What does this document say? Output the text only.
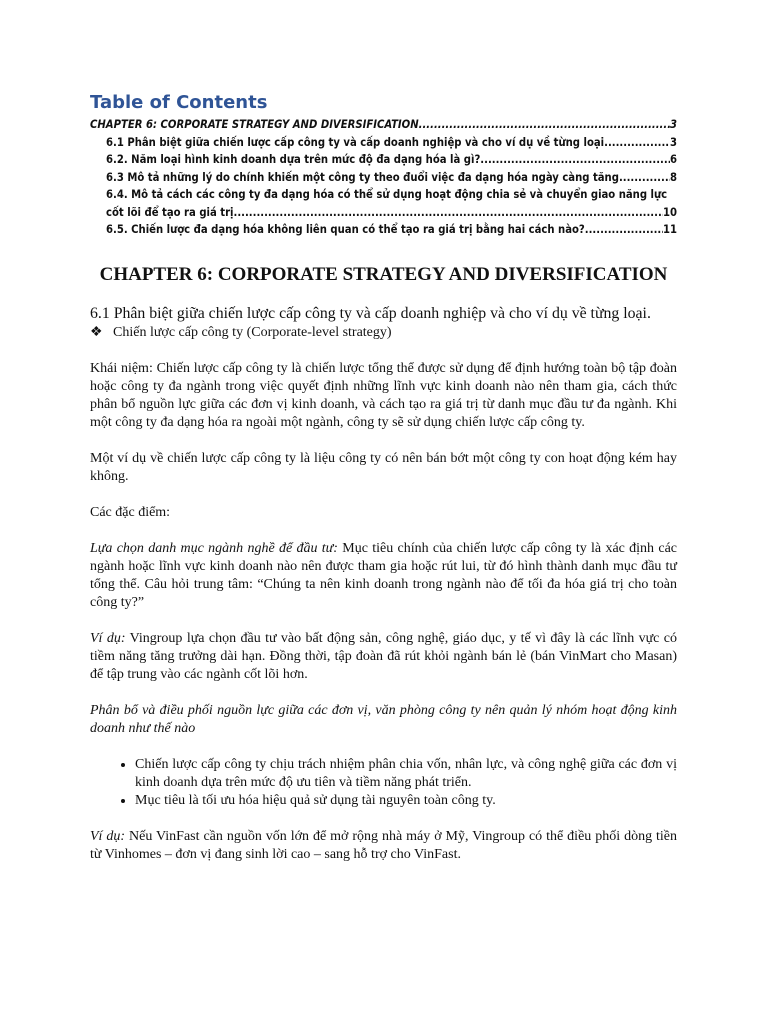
Table of Contents
CHAPTER 6: CORPORATE STRATEGY AND DIVERSIFICATION .....	3
6.1 Phân biệt giữa chiến lược cấp công ty và cấp doanh nghiệp và cho ví dụ về từng loại .....	3
6.2. Năm loại hình kinh doanh dựa trên mức độ đa dạng hóa là gì? .....	6
6.3 Mô tả những lý do chính khiến một công ty theo đuổi việc đa dạng hóa ngày càng tăng .....	8
6.4. Mô tả cách các công ty đa dạng hóa có thể sử dụng hoạt động chia sẻ và chuyển giao năng lực
cốt lõi để tạo ra giá trị .....	10
6.5. Chiến lược đa dạng hóa không liên quan có thể tạo ra giá trị bằng hai cách nào? .....	11
CHAPTER 6: CORPORATE STRATEGY AND DIVERSIFICATION
6.1 Phân biệt giữa chiến lược cấp công ty và cấp doanh nghiệp và cho ví dụ về từng loại.
❖ Chiến lược cấp công ty (Corporate-level strategy)

Khái niệm: Chiến lược cấp công ty là chiến lược tổng thể được sử dụng để định hướng toàn bộ tập đoàn hoặc công ty đa ngành trong việc quyết định những lĩnh vực kinh doanh nào nên tham gia, cách thức phân bổ nguồn lực giữa các đơn vị kinh doanh, và cách tạo ra giá trị từ danh mục đầu tư đa ngành. Khi một công ty đa dạng hóa ra ngoài một ngành, công ty sẽ sử dụng chiến lược cấp công ty.

Một ví dụ về chiến lược cấp công ty là liệu công ty có nên bán bớt một công ty con hoạt động kém hay không.

Các đặc điểm:

Lựa chọn danh mục ngành nghề để đầu tư: Mục tiêu chính của chiến lược cấp công ty là xác định các ngành hoặc lĩnh vực kinh doanh nào nên được tham gia hoặc rút lui, từ đó hình thành danh mục đầu tư tổng thể. Câu hỏi trung tâm: “Chúng ta nên kinh doanh trong ngành nào để tối đa hóa giá trị cho toàn công ty?”

Ví dụ: Vingroup lựa chọn đầu tư vào bất động sản, công nghệ, giáo dục, y tế vì đây là các lĩnh vực có tiềm năng tăng trưởng dài hạn. Đồng thời, tập đoàn đã rút khỏi ngành bán lẻ (bán VinMart cho Masan) để tập trung vào các ngành cốt lõi hơn.

Phân bổ và điều phối nguồn lực giữa các đơn vị, văn phòng công ty nên quản lý nhóm hoạt động kinh doanh như thế nào

• Chiến lược cấp công ty chịu trách nhiệm phân chia vốn, nhân lực, và công nghệ giữa các đơn vị kinh doanh dựa trên mức độ ưu tiên và tiềm năng phát triển.
• Mục tiêu là tối ưu hóa hiệu quả sử dụng tài nguyên toàn công ty.

Ví dụ: Nếu VinFast cần nguồn vốn lớn để mở rộng nhà máy ở Mỹ, Vingroup có thể điều phối dòng tiền từ Vinhomes – đơn vị đang sinh lời cao – sang hỗ trợ cho VinFast.
